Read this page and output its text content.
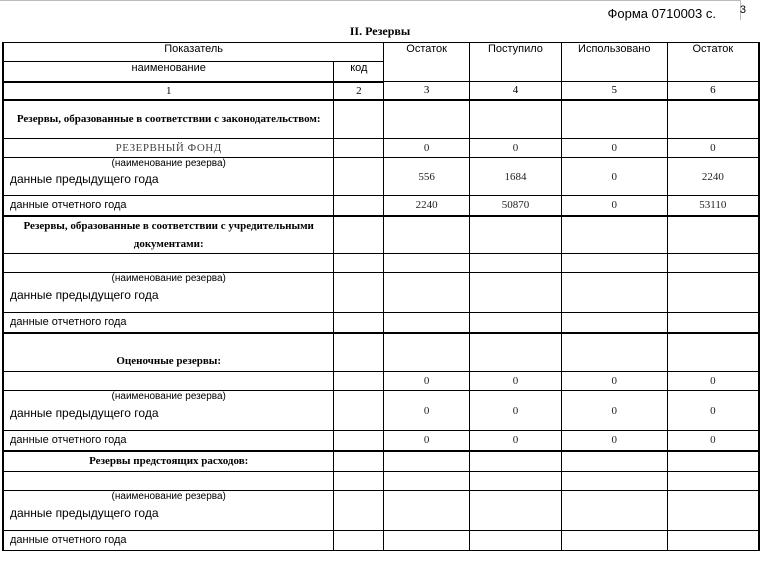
Форма 0710003 с. 3
II. Резервы
Показатель		Остаток	Поступило	Использовано	Остаток
наименование	код				
1	2	3	4	5	6
Резервы, образованные в соответствии с законодательством:					
РЕЗЕРВНЫЙ ФОНД		0	0	0	0

(наименование резерва)
данные предыдущего года		556	1684	0	2240
данные отчетного года		2240	50870	0	53110
Резервы, образованные в соответствии с учредительными документами:					

(наименование резерва)
данные предыдущего года					

данные отчетного года					
Оценочные резервы:					
		0	0	0	0

(наименование резерва)
данные предыдущего года		0	0	0	0
данные отчетного года		0	0	0	0
Резервы предстоящих расходов:					

(наименование резерва)
данные предыдущего года					

данные отчетного года					
